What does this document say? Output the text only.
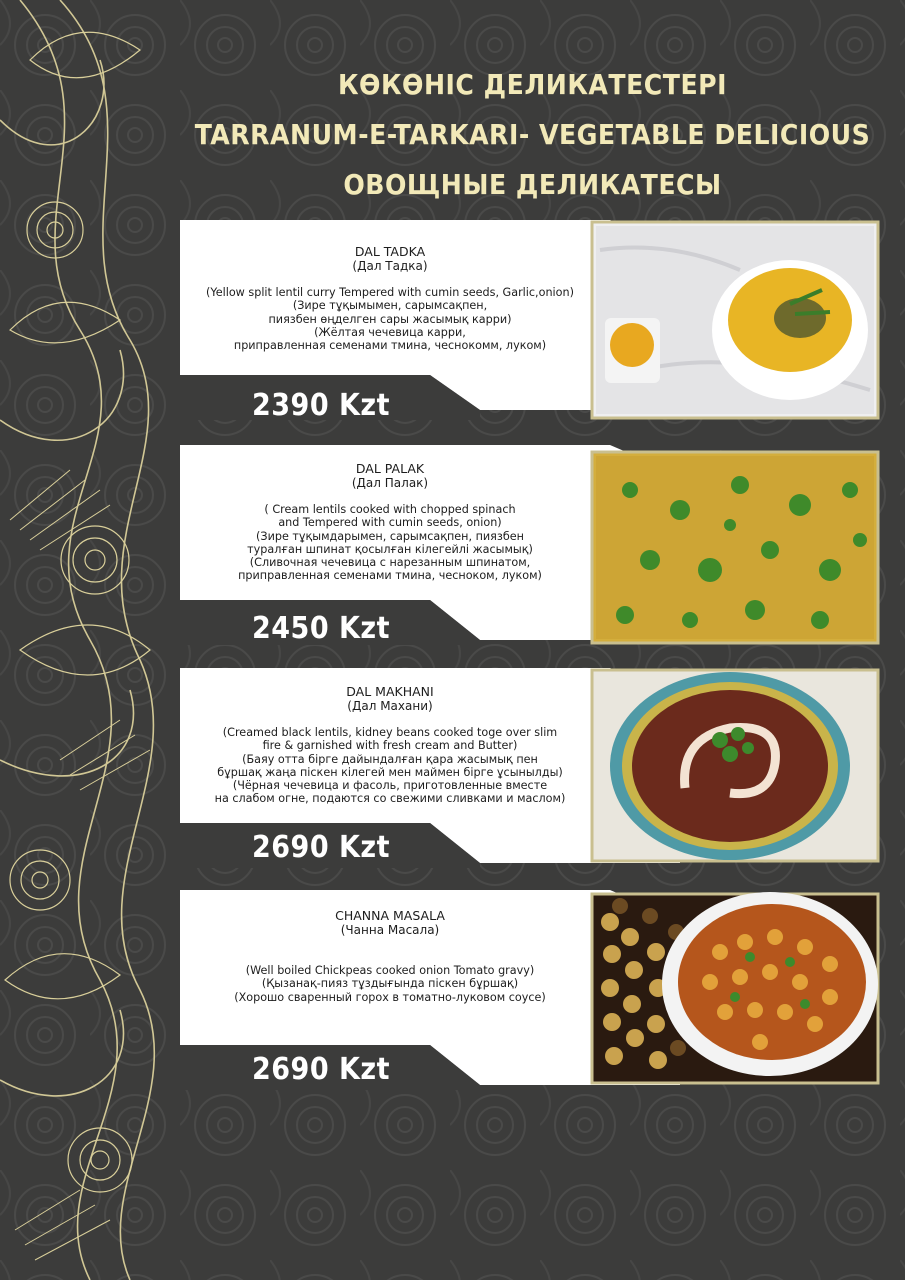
КӨКӨНІС ДЕЛИКАТЕСТЕРІ
TARRANUM-E-TARKARI- VEGETABLE DELICIOUS
ОВОЩНЫЕ ДЕЛИКАТЕСЫ
DAL TADKA
(Дал Тадка)
(Yellow split lentil curry Tempered with cumin seeds, Garlic,onion)
(Зире тұқымымен, сарымсақпен,
пиязбен өңделген сары жасымық карри)
(Жёлтая чечевица карри,
приправленная семенами тмина, чеснокомм, луком)
2390 Kzt
DAL PALAK
(Дал Палак)
( Cream lentils cooked with chopped spinach
and Tempered with cumin seeds, onion)
(Зире тұқымдарымен, сарымсақпен, пиязбен
туралған шпинат қосылған кілегейлі жасымық)
(Сливочная чечевица с нарезанным шпинатом,
приправленная семенами тмина, чесноком, луком)
2450 Kzt
DAL MAKHANI
(Дал Махани)
(Creamed black lentils, kidney beans cooked toge over slim
fire & garnished with fresh cream and Butter)
(Баяу отта бірге дайындалған қара жасымық пен
бұршақ жаңа піскен кілегей мен маймен бірге ұсынылды)
(Чёрная чечевица и фасоль, приготовленные вместе
на слабом огне, подаются со свежими сливками и маслом)
2690 Kzt
CHANNA MASALA
(Чанна Масала)
(Well boiled Chickpeas cooked onion Tomato gravy)
(Қызанақ-пияз тұздығында піскен бұршақ)
(Хорошо сваренный горох в томатно-луковом соусе)
2690 Kzt
